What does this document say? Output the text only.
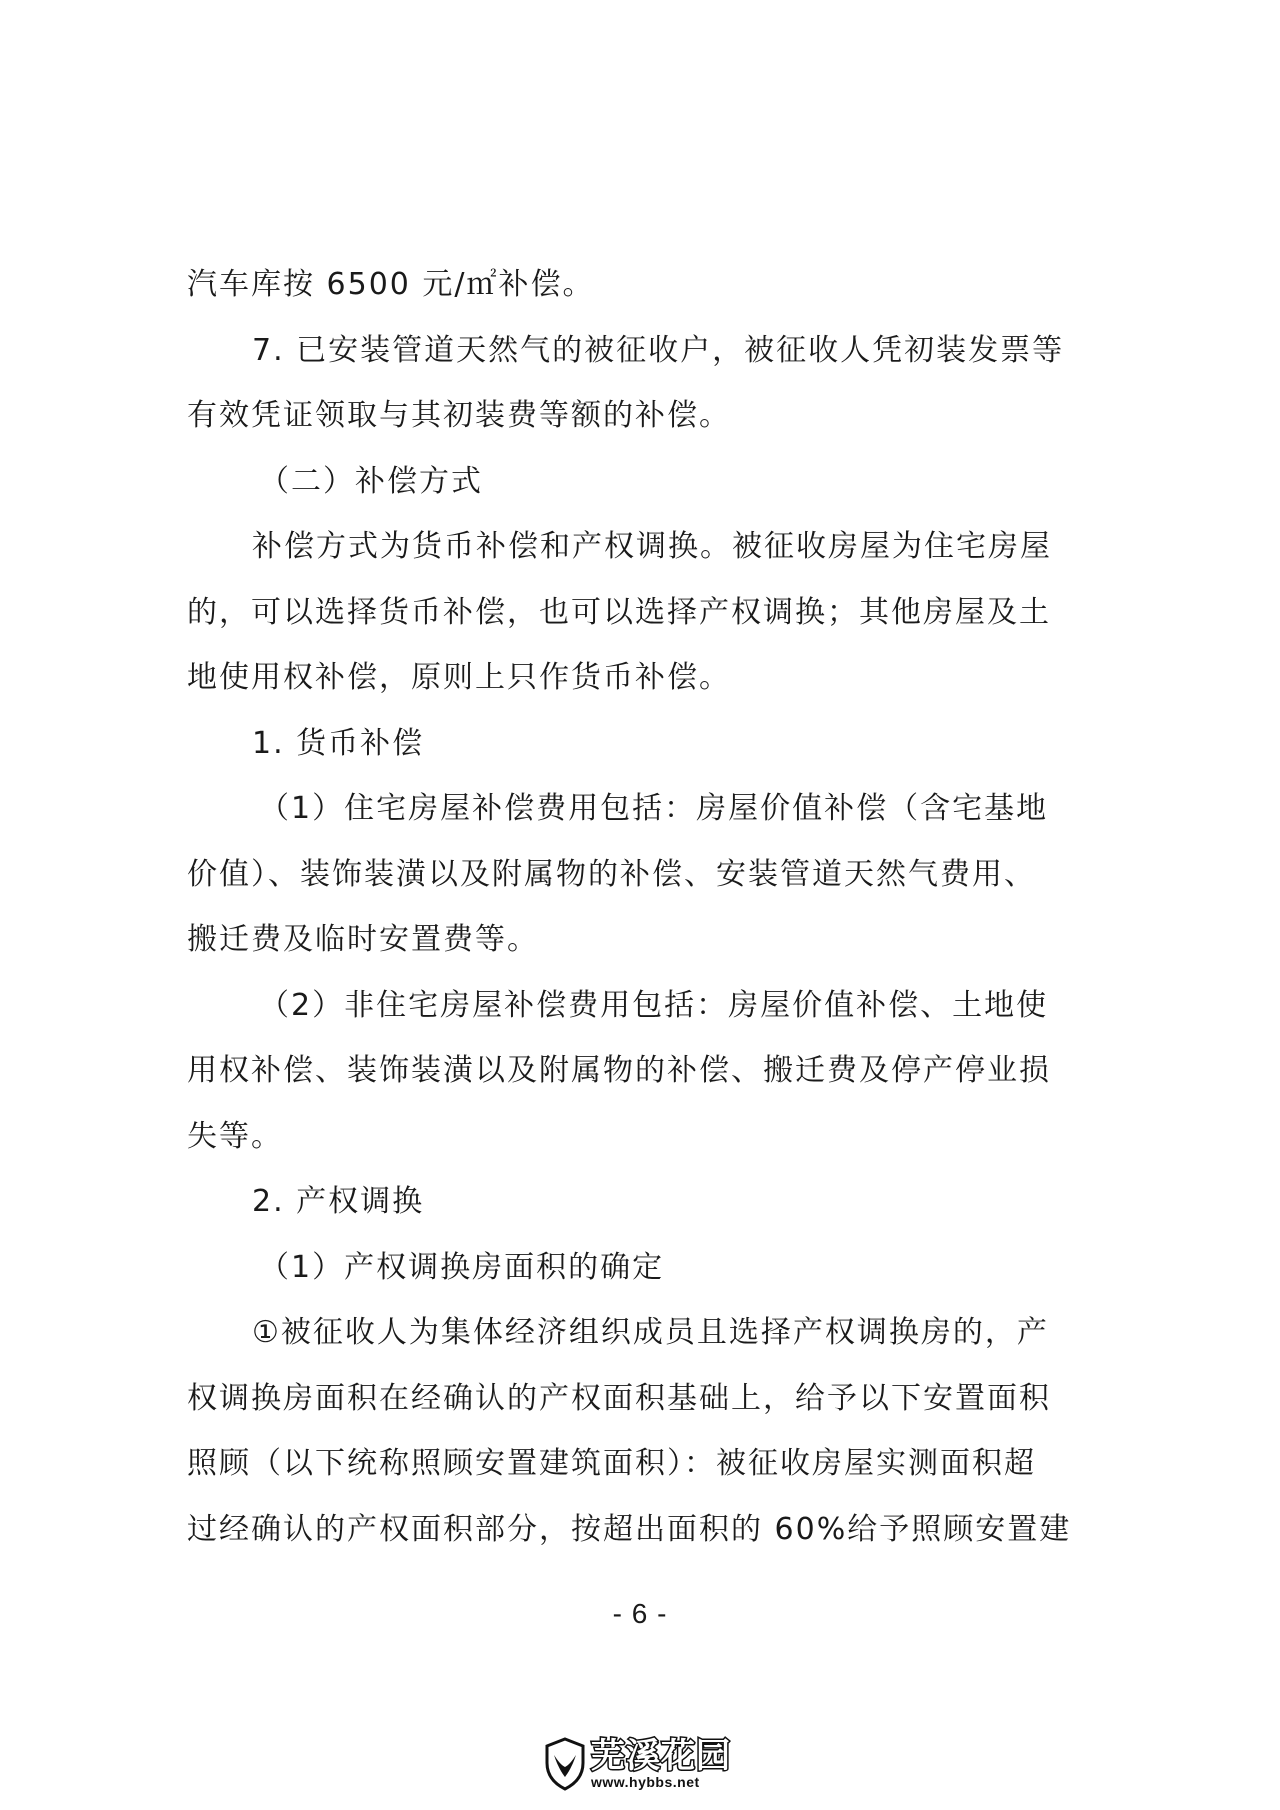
汽车库按 6500 元/㎡补偿。
7. 已安装管道天然气的被征收户，被征收人凭初装发票等
有效凭证领取与其初装费等额的补偿。
（二）补偿方式
补偿方式为货币补偿和产权调换。被征收房屋为住宅房屋
的，可以选择货币补偿，也可以选择产权调换；其他房屋及土
地使用权补偿，原则上只作货币补偿。
1. 货币补偿
（1）住宅房屋补偿费用包括：房屋价值补偿（含宅基地
价值）、装饰装潢以及附属物的补偿、安装管道天然气费用、
搬迁费及临时安置费等。
（2）非住宅房屋补偿费用包括：房屋价值补偿、土地使
用权补偿、装饰装潢以及附属物的补偿、搬迁费及停产停业损
失等。
2. 产权调换
（1）产权调换房面积的确定
①被征收人为集体经济组织成员且选择产权调换房的，产
权调换房面积在经确认的产权面积基础上，给予以下安置面积
照顾（以下统称照顾安置建筑面积）：被征收房屋实测面积超
过经确认的产权面积部分，按超出面积的 60%给予照顾安置建
- 6 -
芜溪花园
www.hybbs.net
